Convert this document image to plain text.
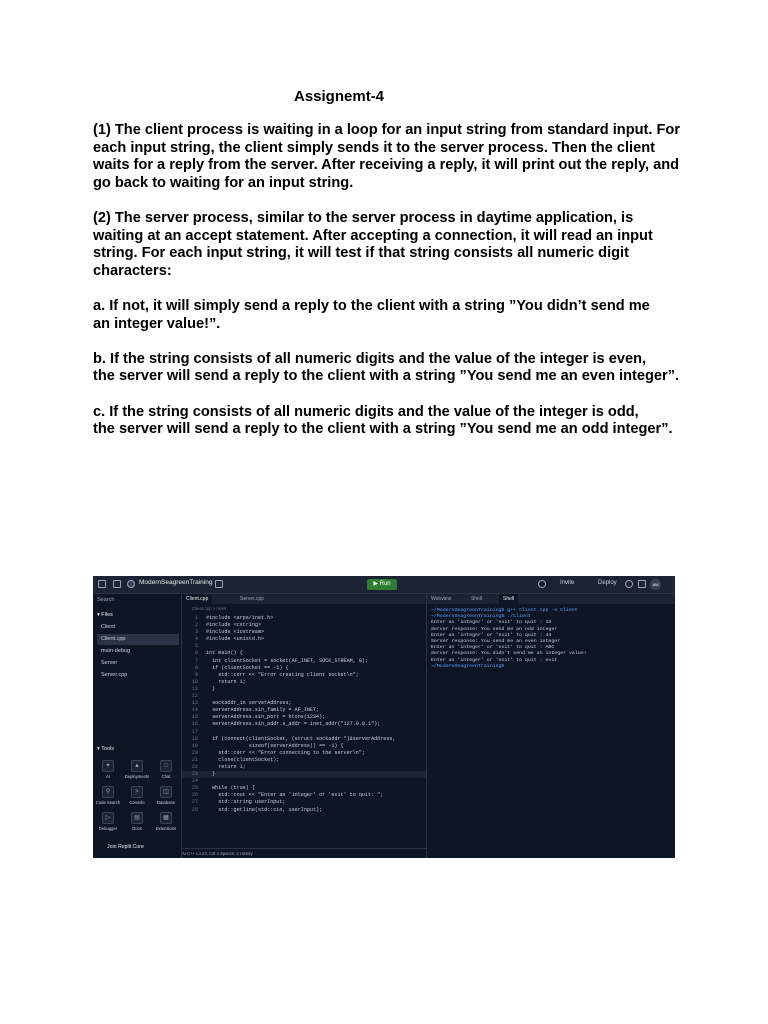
Assignemt-4

(1) The client process is waiting in a loop for an input string from standard input. For each input string, the client simply sends it to the server process. Then the client
waits for a reply from the server. After receiving a reply, it will print out the reply, and go back to waiting for an input string.

(2) The server process, similar to the server process in daytime application, is waiting at an accept statement. After accepting a connection, it will read an input string. For each input string, it will test if that string consists all numeric digit characters:

a. If not, it will simply send a reply to the client with a string ”You didn’t send me
an integer value!”.

b. If the string consists of all numeric digits and the value of the integer is even,
the server will send a reply to the client with a string ”You send me an even integer”.

c. If the string consists of all numeric digits and the value of the integer is odd,
the server will send a reply to the client with a string ”You send me an odd integer”.

ModernSeagreenTraining	▶ Run	Invite	Deploy	AM
Search
▾ Files
Client
Client.cpp
main-debug
Server
Server.cpp
▾ Tools
✦
AI
▲
Deployments
□
Chat
⚲
Code Search
>
Console
◫
Database
▷
Debugger
▤
Docs
▦
Extensions
Join Replit Core
Client.cpp	Server.cpp
Client.cpp > main
1 #include <arpa/inet.h>
2 #include <cstring>
3 #include <iostream>
4 #include <unistd.h>
5
6 int main() {
7  int clientSocket = socket(AF_INET, SOCK_STREAM, 0);
8  if (clientSocket == -1) {
9    std::cerr << "Error creating client socket\n";
10    return 1;
11  }
12
13  sockaddr_in serverAddress;
14  serverAddress.sin_family = AF_INET;
15  serverAddress.sin_port = htons(1234);
16  serverAddress.sin_addr.s_addr = inet_addr("127.0.0.1");
17
18  if (connect(clientSocket, (struct sockaddr *)&serverAddress,
19              sizeof(serverAddress)) == -1) {
20    std::cerr << "Error connecting to the server\n";
21    close(clientSocket);
22    return 1;
23  }
24
25  while (true) {
26    std::cout << "Enter an 'integer' or 'exit' to quit: ";
27    std::string userInput;
28    std::getline(std::cin, userInput);
AI C++ Ln 23, Col 4 Spaces: 2 History
Webview	Shell	Shell
~/ModernSeagreenTraining$ g++ Client.cpp -o Client
~/ModernSeagreenTraining$ ./Client
Enter an 'integer' or 'exit' to quit : 13
Server response: You send me an odd integer
Enter an 'integer' or 'exit' to quit : 44
Server response: You send me an even integer
Enter an 'integer' or 'exit' to quit : ABC
Server response: You didn't send me an integer value!
Enter an 'integer' or 'exit' to quit : exit
~/ModernSeagreenTraining$
